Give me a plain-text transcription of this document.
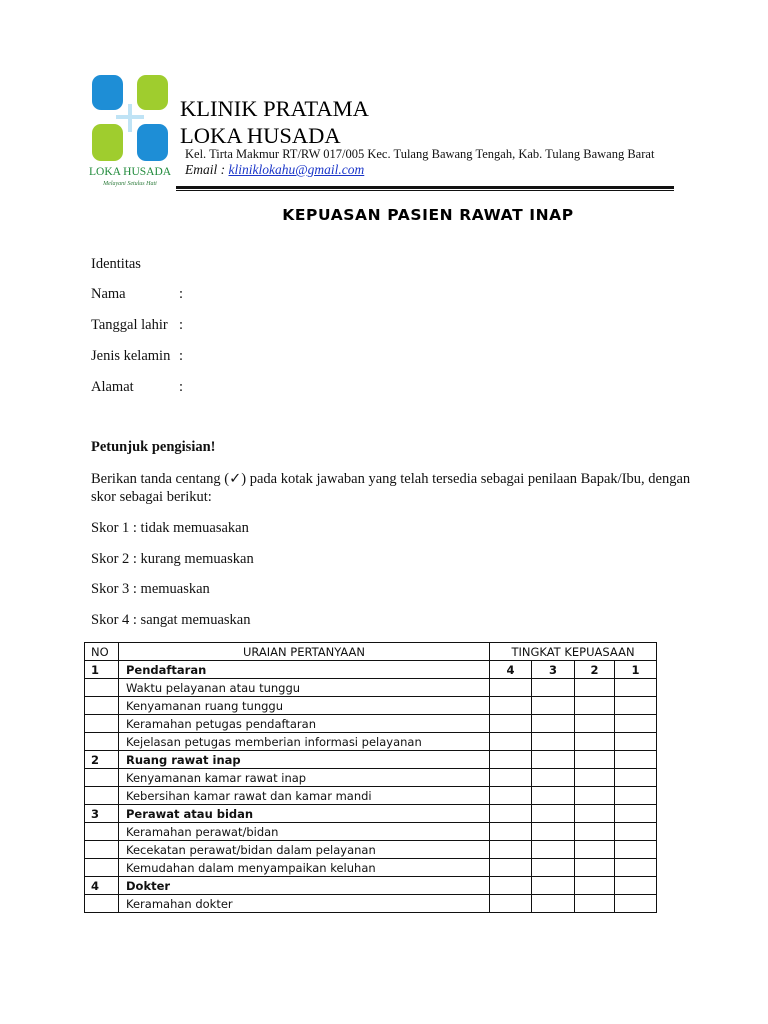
LOKA HUSADA
Melayani Setulus Hati
KLINIK PRATAMA
LOKA HUSADA
Kel. Tirta Makmur RT/RW 017/005 Kec. Tulang Bawang Tengah, Kab. Tulang Bawang Barat
Email : kliniklokahu@gmail.com
KEPUASAN PASIEN RAWAT INAP
Identitas
Nama	:
Tanggal lahir :
Jenis kelamin :
Alamat	:
Petunjuk pengisian!
Berikan tanda centang (✓) pada kotak jawaban yang telah tersedia sebagai penilaan Bapak/Ibu, dengan skor sebagai berikut:
Skor 1 : tidak memuasakan
Skor 2 : kurang memuaskan
Skor 3 : memuaskan
Skor 4 : sangat memuaskan
NO	URAIAN PERTANYAAN	TINGKAT KEPUASAAN			
1	Pendaftaran	4	3	2	1
	Waktu pelayanan atau tunggu				
	Kenyamanan ruang tunggu				
	Keramahan petugas pendaftaran				
	Kejelasan petugas memberian informasi pelayanan				
2	Ruang rawat inap				
	Kenyamanan kamar rawat inap				
	Kebersihan kamar rawat dan kamar mandi				
3	Perawat atau bidan				
	Keramahan perawat/bidan				
	Kecekatan perawat/bidan dalam pelayanan				
	Kemudahan dalam menyampaikan keluhan				
4	Dokter				
	Keramahan dokter				
